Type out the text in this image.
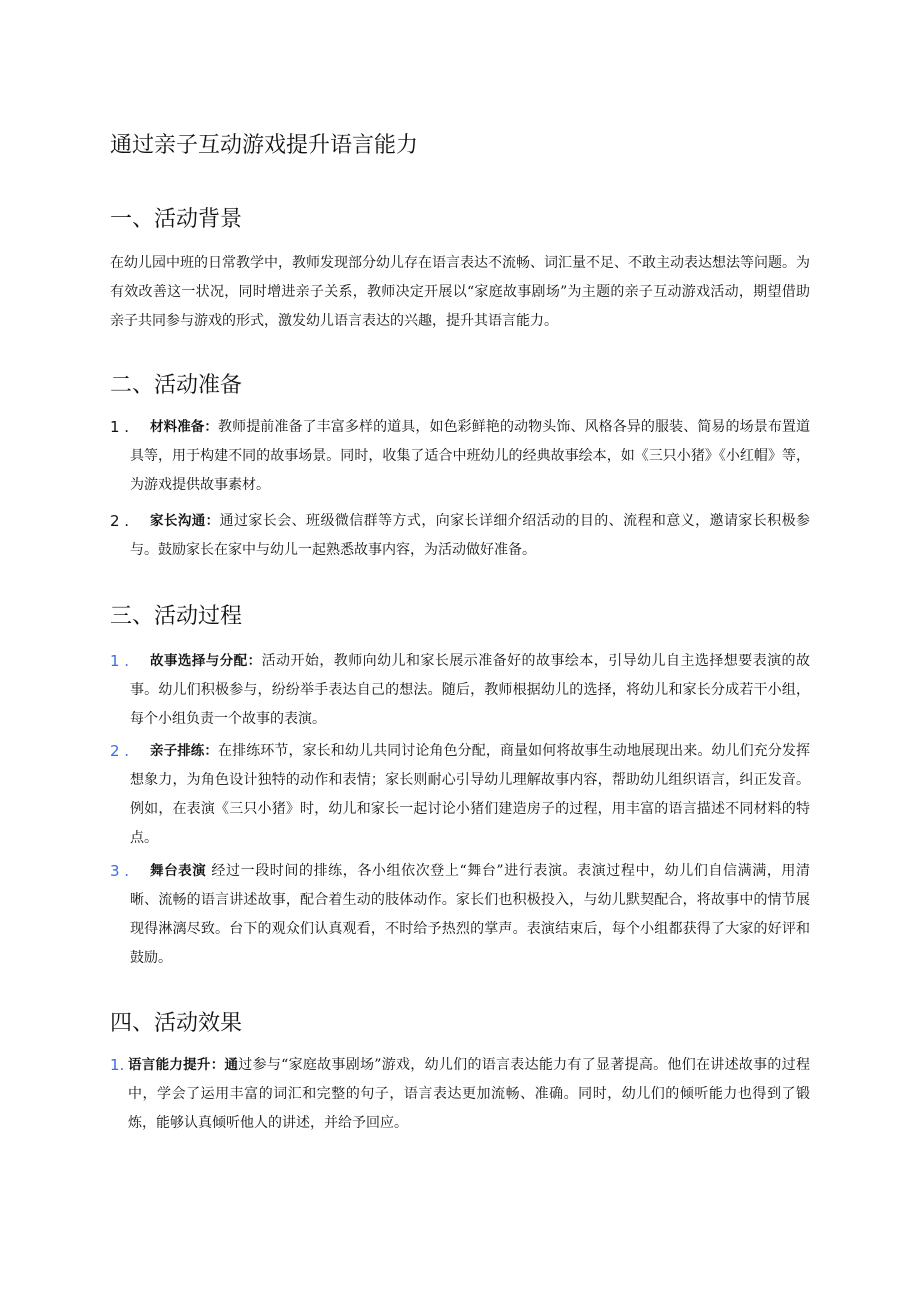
通过亲子互动游戏提升语言能力
一、活动背景

在幼儿园中班的日常教学中，教师发现部分幼儿存在语言表达不流畅、词汇量不足、不敢主动表达想法等问题。为有效改善这一状况，同时增进亲子关系，教师决定开展以“家庭故事剧场”为主题的亲子互动游戏活动，期望借助亲子共同参与游戏的形式，激发幼儿语言表达的兴趣，提升其语言能力。

二、活动准备
1 .	材料准备：教师提前准备了丰富多样的道具，如色彩鲜艳的动物头饰、风格各异的服装、简易的场景布置道具等，用于构建不同的故事场景。同时，收集了适合中班幼儿的经典故事绘本，如《三只小猪》《小红帽》等，为游戏提供故事素材。

2 .	家长沟通：通过家长会、班级微信群等方式，向家长详细介绍活动的目的、流程和意义，邀请家长积极参与。鼓励家长在家中与幼儿一起熟悉故事内容，为活动做好准备。

三、活动过程
1 .	故事选择与分配：活动开始，教师向幼儿和家长展示准备好的故事绘本，引导幼儿自主选择想要表演的故事。幼儿们积极参与，纷纷举手表达自己的想法。随后，教师根据幼儿的选择，将幼儿和家长分成若干小组，每个小组负责一个故事的表演。

2 .	亲子排练：在排练环节，家长和幼儿共同讨论角色分配，商量如何将故事生动地展现出来。幼儿们充分发挥想象力，为角色设计独特的动作和表情；家长则耐心引导幼儿理解故事内容，帮助幼儿组织语言，纠正发音。例如，在表演《三只小猪》时，幼儿和家长一起讨论小猪们建造房子的过程，用丰富的语言描述不同材料的特点。

3 .	舞台表演 经过一段时间的排练，各小组依次登上“舞台”进行表演。表演过程中，幼儿们自信满满，用清晰、流畅的语言讲述故事，配合着生动的肢体动作。家长们也积极投入，与幼儿默契配合，将故事中的情节展现得淋漓尽致。台下的观众们认真观看，不时给予热烈的掌声。表演结束后，每个小组都获得了大家的好评和鼓励。

四、活动效果
1. 语言能力提升：通过参与“家庭故事剧场”游戏，幼儿们的语言表达能力有了显著提高。他们在讲述故事的过程中，学会了运用丰富的词汇和完整的句子，语言表达更加流畅、准确。同时，幼儿们的倾听能力也得到了锻炼，能够认真倾听他人的讲述，并给予回应。
